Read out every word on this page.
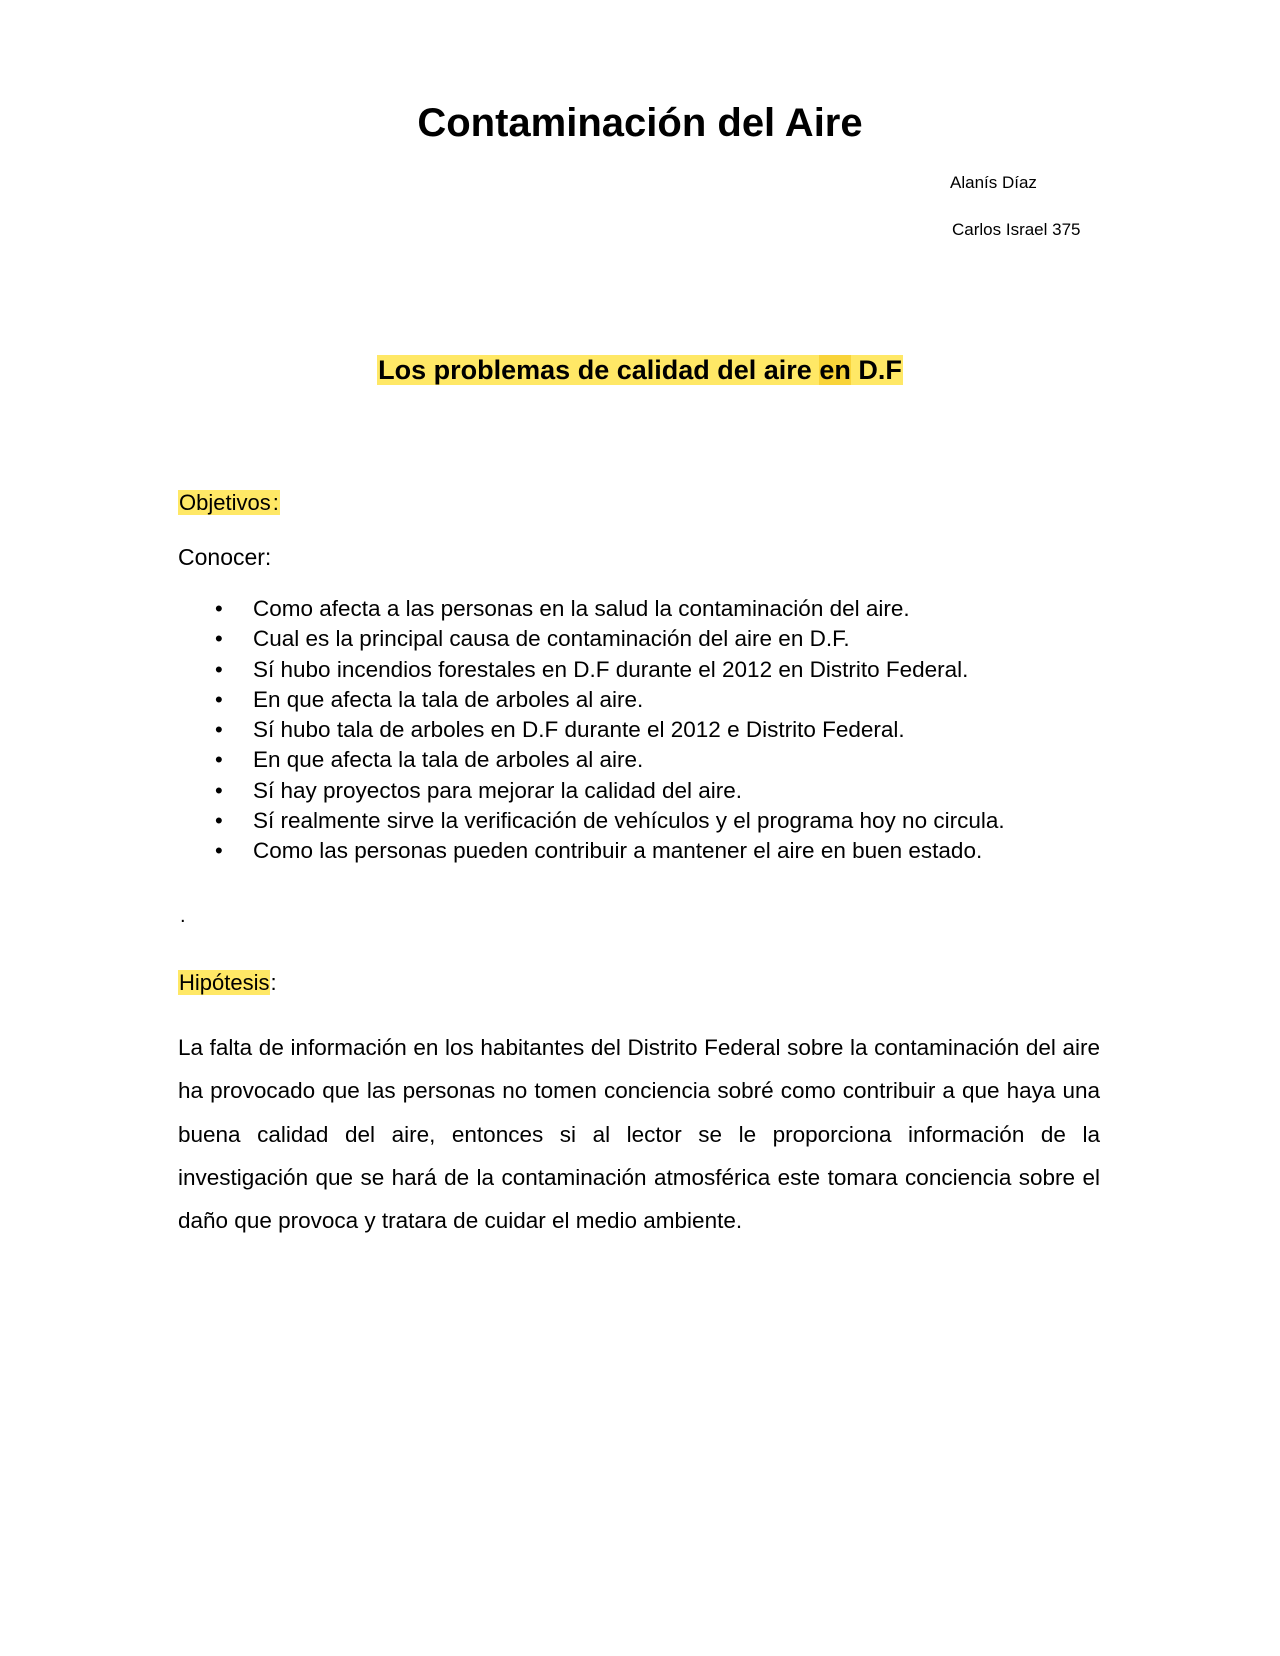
Contaminación del Aire

Alanís Díaz

Carlos Israel 375

Los problemas de calidad del aire en D.F

Objetivos:

Conocer:

• Como afecta a las personas en la salud la contaminación del aire.
• Cual es la principal causa de contaminación del aire en D.F.
• Sí hubo incendios forestales en D.F durante el 2012 en Distrito Federal.
• En que afecta la tala de arboles al aire.
• Sí hubo tala de arboles en D.F durante el 2012 e Distrito Federal.
• En que afecta la tala de arboles al aire.
• Sí hay proyectos para mejorar la calidad del aire.
• Sí realmente sirve la verificación de vehículos y el programa hoy no circula.
• Como las personas pueden contribuir a mantener el aire en buen estado.

.

Hipótesis:

La falta de información en los habitantes del Distrito Federal sobre la contaminación del aire ha provocado que las personas no tomen conciencia sobré como contribuir a que haya una buena calidad del aire, entonces si al lector se le proporciona información de la investigación que se hará de la contaminación atmosférica este tomara conciencia sobre el daño que provoca y tratara de cuidar el medio ambiente.
